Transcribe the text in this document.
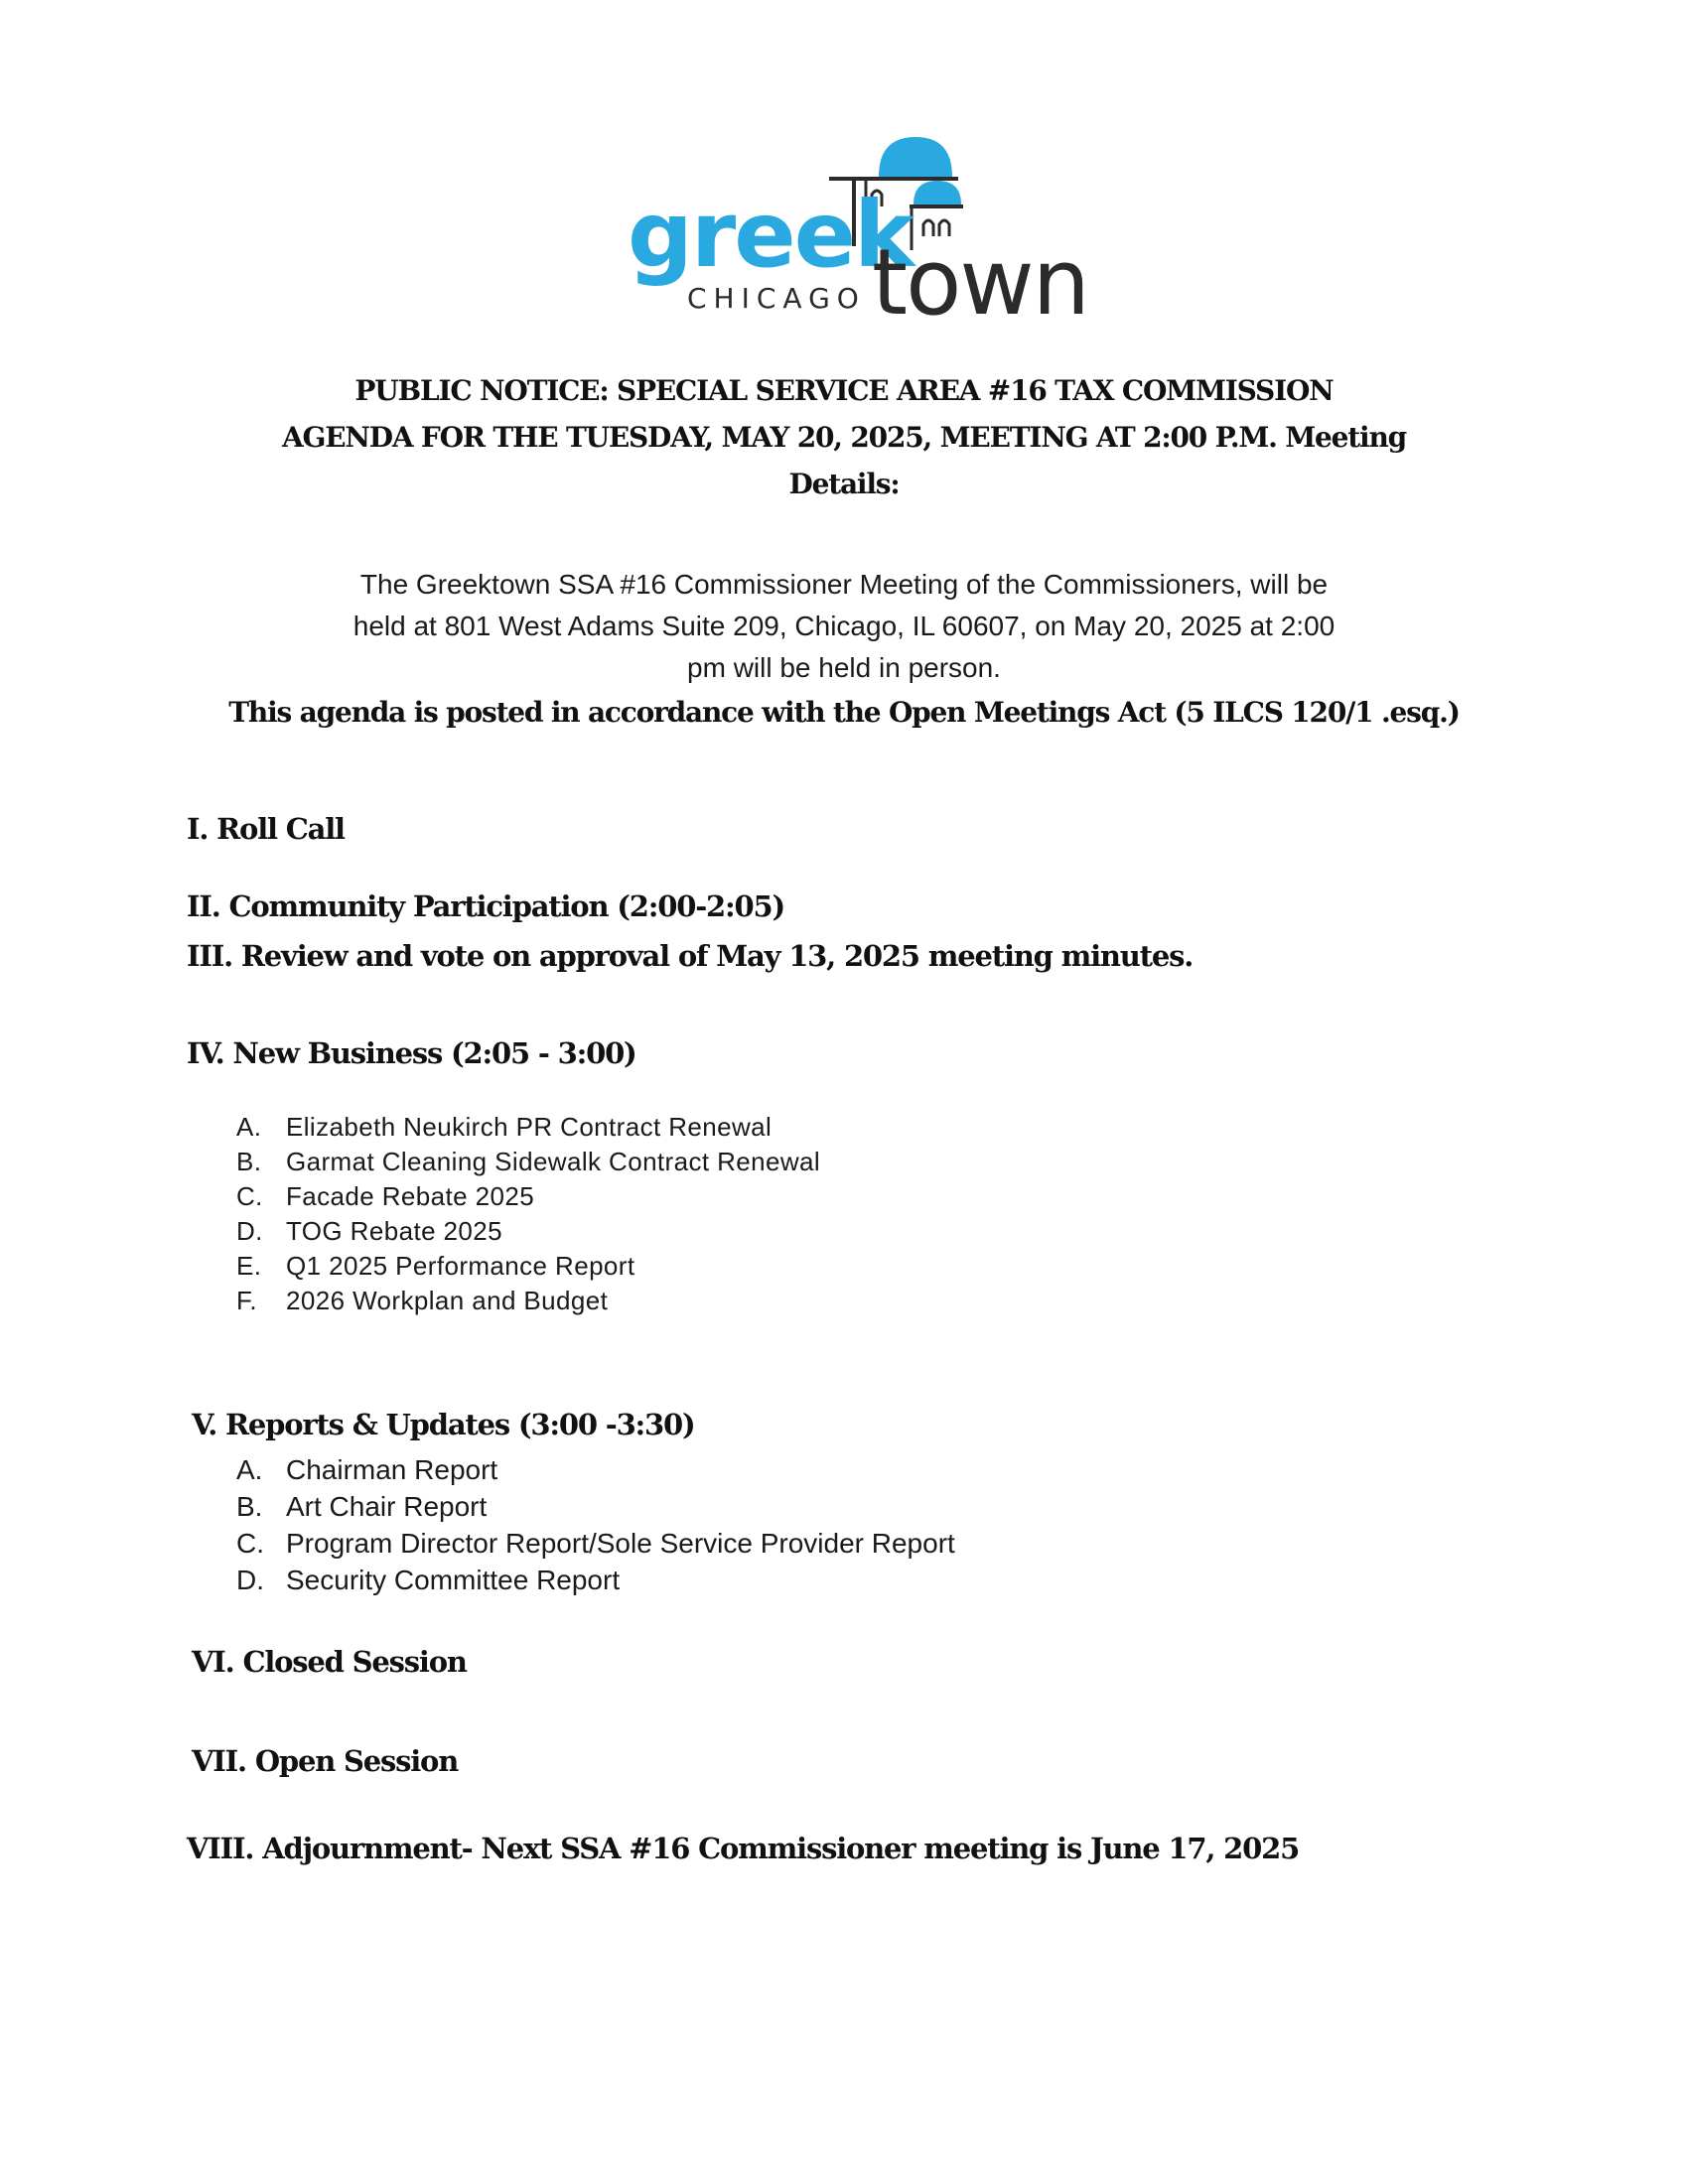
greek
town
CHICAGO
PUBLIC NOTICE: SPECIAL SERVICE AREA #16 TAX COMMISSION
AGENDA FOR THE TUESDAY, MAY 20, 2025, MEETING AT 2:00 P.M. Meeting
Details:
The Greektown SSA #16 Commissioner Meeting of the Commissioners, will be
held at 801 West Adams Suite 209, Chicago, IL 60607, on May 20, 2025 at 2:00
pm will be held in person.
This agenda is posted in accordance with the Open Meetings Act (5 ILCS 120/1 .esq.)
I. Roll Call
II. Community Participation (2:00-2:05)
III. Review and vote on approval of May 13, 2025 meeting minutes.
IV. New Business (2:05 - 3:00)
A. Elizabeth Neukirch PR Contract Renewal
B. Garmat Cleaning Sidewalk Contract Renewal
C. Facade Rebate 2025
D. TOG Rebate 2025
E. Q1 2025 Performance Report
F. 2026 Workplan and Budget
V. Reports & Updates (3:00 -3:30)
A. Chairman Report
B. Art Chair Report
C. Program Director Report/Sole Service Provider Report
D. Security Committee Report
VI. Closed Session
VII. Open Session
VIII. Adjournment- Next SSA #16 Commissioner meeting is June 17, 2025
